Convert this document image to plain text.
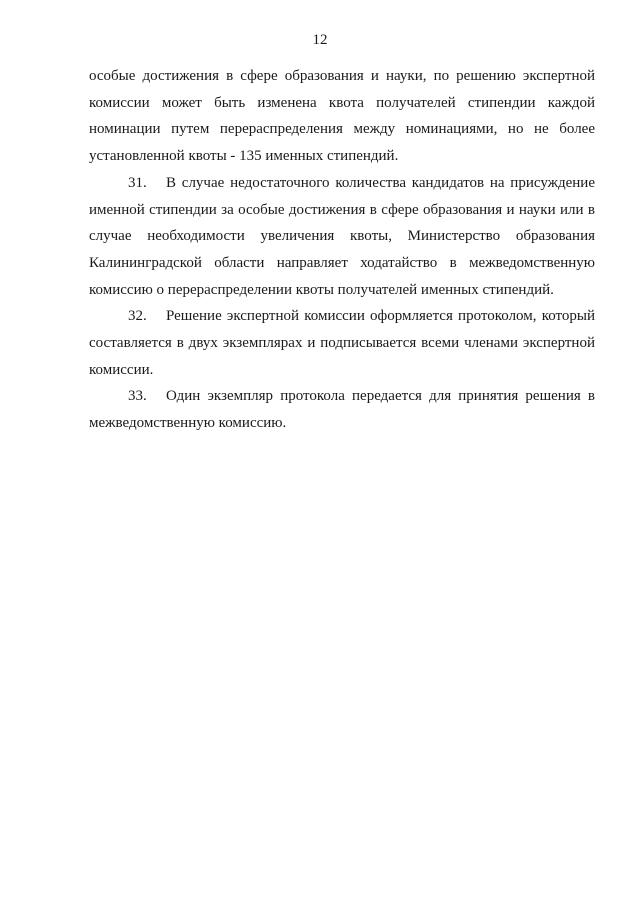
12

особые достижения в сфере образования и науки, по решению экспертной комиссии может быть изменена квота получателей стипендии каждой номинации путем перераспределения между номинациями, но не более установленной квоты - 135 именных стипендий.

31. В случае недостаточного количества кандидатов на присуждение именной стипендии за особые достижения в сфере образования и науки или в случае необходимости увеличения квоты, Министерство образования Калининградской области направляет ходатайство в межведомственную комиссию о перераспределении квоты получателей именных стипендий.

32. Решение экспертной комиссии оформляется протоколом, который составляется в двух экземплярах и подписывается всеми членами экспертной комиссии.

33. Один экземпляр протокола передается для принятия решения в межведомственную комиссию.
